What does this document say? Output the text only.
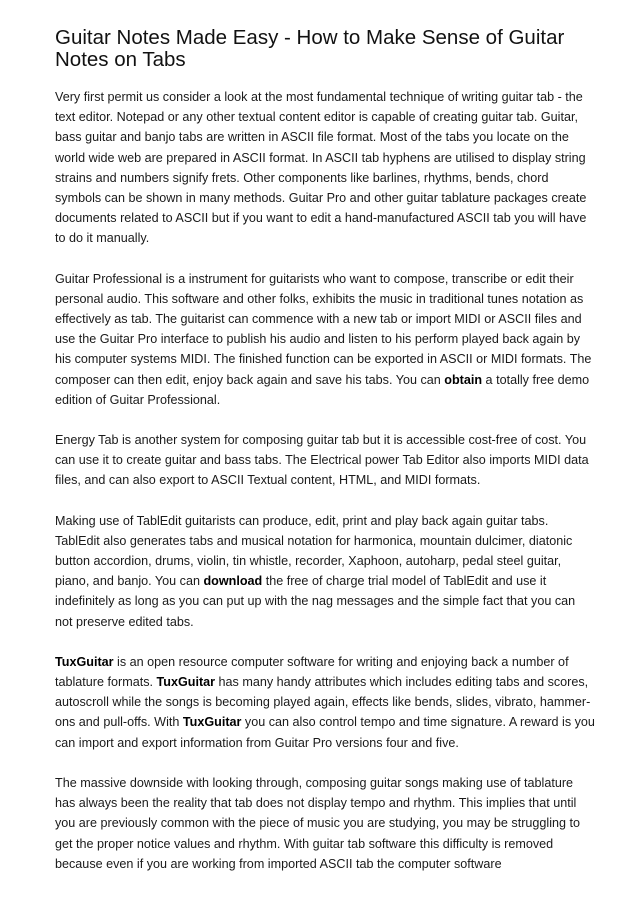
Guitar Notes Made Easy - How to Make Sense of Guitar Notes on Tabs

Very first permit us consider a look at the most fundamental technique of writing guitar tab - the text editor. Notepad or any other textual content editor is capable of creating guitar tab. Guitar, bass guitar and banjo tabs are written in ASCII file format. Most of the tabs you locate on the world wide web are prepared in ASCII format. In ASCII tab hyphens are utilised to display string strains and numbers signify frets. Other components like barlines, rhythms, bends, chord symbols can be shown in many methods. Guitar Pro and other guitar tablature packages create documents related to ASCII but if you want to edit a hand-manufactured ASCII tab you will have to do it manually.

Guitar Professional is a instrument for guitarists who want to compose, transcribe or edit their personal audio. This software and other folks, exhibits the music in traditional tunes notation as effectively as tab. The guitarist can commence with a new tab or import MIDI or ASCII files and use the Guitar Pro interface to publish his audio and listen to his perform played back again by his computer systems MIDI. The finished function can be exported in ASCII or MIDI formats. The composer can then edit, enjoy back again and save his tabs. You can obtain a totally free demo edition of Guitar Professional.

Energy Tab is another system for composing guitar tab but it is accessible cost-free of cost. You can use it to create guitar and bass tabs. The Electrical power Tab Editor also imports MIDI data files, and can also export to ASCII Textual content, HTML, and MIDI formats.

Making use of TablEdit guitarists can produce, edit, print and play back again guitar tabs. TablEdit also generates tabs and musical notation for harmonica, mountain dulcimer, diatonic button accordion, drums, violin, tin whistle, recorder, Xaphoon, autoharp, pedal steel guitar, piano, and banjo. You can download the free of charge trial model of TablEdit and use it indefinitely as long as you can put up with the nag messages and the simple fact that you can not preserve edited tabs.

TuxGuitar is an open resource computer software for writing and enjoying back a number of tablature formats. TuxGuitar has many handy attributes which includes editing tabs and scores, autoscroll while the songs is becoming played again, effects like bends, slides, vibrato, hammer-ons and pull-offs. With TuxGuitar you can also control tempo and time signature. A reward is you can import and export information from Guitar Pro versions four and five.

The massive downside with looking through, composing guitar songs making use of tablature has always been the reality that tab does not display tempo and rhythm. This implies that until you are previously common with the piece of music you are studying, you may be struggling to get the proper notice values and rhythm. With guitar tab software this difficulty is removed because even if you are working from imported ASCII tab the computer software
